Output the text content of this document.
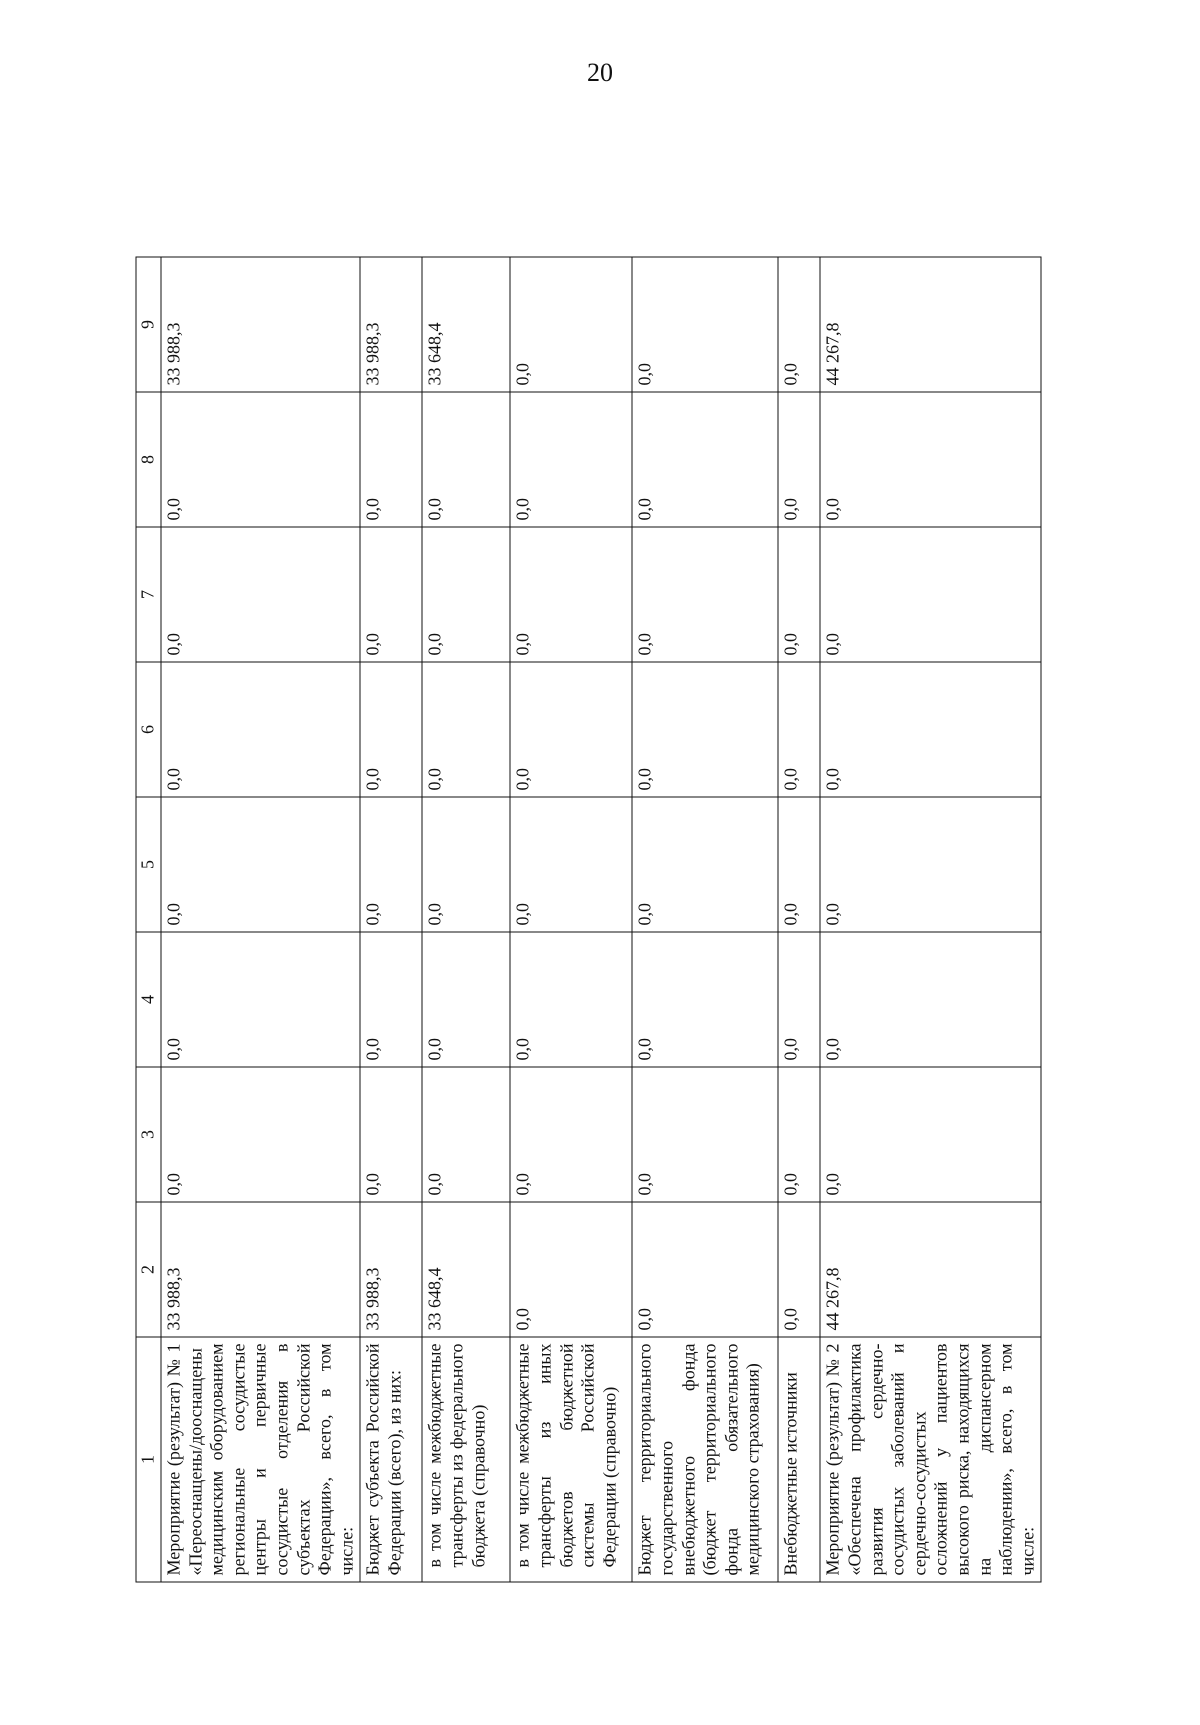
20
1	2	3	4	5	6	7	8	9
Мероприятие (результат) № 1 «Переоснащены/дооснащены медицинским оборудованием региональные сосудистые центры и первичные сосудистые отделения в субъектах Российской Федерации», всего, в том числе:	33 988,3	0,0	0,0	0,0	0,0	0,0	0,0	33 988,3
Бюджет субъекта Российской Федерации (всего), из них:	33 988,3	0,0	0,0	0,0	0,0	0,0	0,0	33 988,3
в том числе межбюджетные трансферты из федерального бюджета (справочно)	33 648,4	0,0	0,0	0,0	0,0	0,0	0,0	33 648,4
в том числе межбюджетные трансферты из иных бюджетов бюджетной системы Российской Федерации (справочно)	0,0	0,0	0,0	0,0	0,0	0,0	0,0	0,0
Бюджет территориального государственного внебюджетного фонда (бюджет территориального фонда обязательного медицинского страхования)	0,0	0,0	0,0	0,0	0,0	0,0	0,0	0,0
Внебюджетные источники	0,0	0,0	0,0	0,0	0,0	0,0	0,0	0,0
Мероприятие (результат) № 2 «Обеспечена профилактика развития сердечно-сосудистых заболеваний и сердечно-сосудистых осложнений у пациентов высокого риска, находящихся на диспансерном наблюдении», всего, в том числе:	44 267,8	0,0	0,0	0,0	0,0	0,0	0,0	44 267,8
